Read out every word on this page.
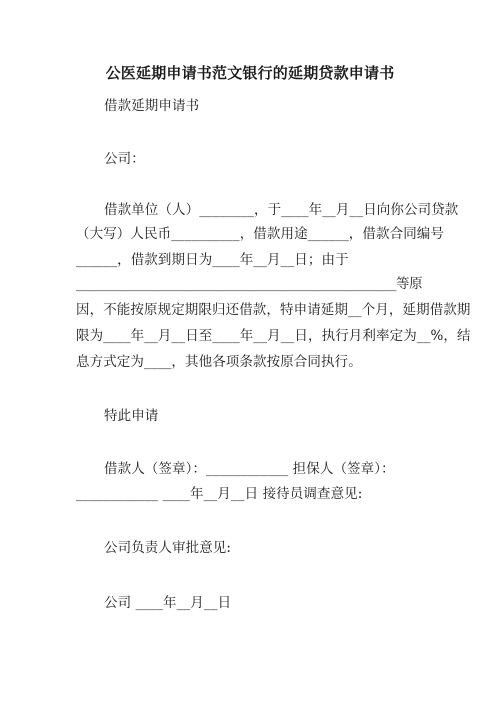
公医延期申请书范文银行的延期贷款申请书
借款延期申请书
公司：
借款单位（人）________，于____年__月__日向你公司贷款
（大写）人民币__________，借款用途______，借款合同编号
______，借款到期日为____年__月__日；由于
__________________________________________________等原
因，不能按原规定期限归还借款，特申请延期__个月，延期借款期
限为____年__月__日至____年__月__日，执行月利率定为__%，结
息方式定为____，其他各项条款按原合同执行。
特此申请
借款人（签章）：____________ 担保人（签章）：
____________ ____年__月__日 接待员调查意见:
公司负责人审批意见:
公司 ____年__月__日
